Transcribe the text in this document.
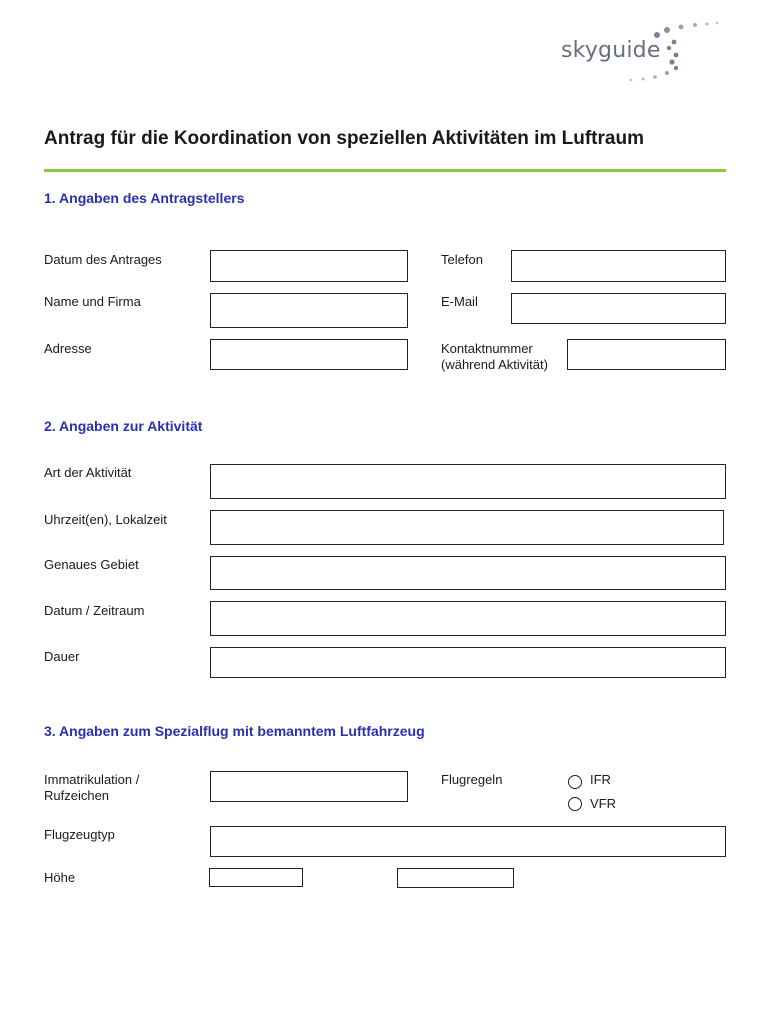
skyguide
Antrag für die Koordination von speziellen Aktivitäten im Luftraum
1. Angaben des Antragstellers
Datum des Antrages	Telefon
Name und Firma	E-Mail
Adresse	Kontaktnummer
(während Aktivität)
2. Angaben zur Aktivität
Art der Aktivität
Uhrzeit(en), Lokalzeit
Genaues Gebiet
Datum / Zeitraum
Dauer
3. Angaben zum Spezialflug mit bemanntem Luftfahrzeug
Immatrikulation /
Rufzeichen
Flugregeln	IFR
VFR
Flugzeugtyp
Höhe
